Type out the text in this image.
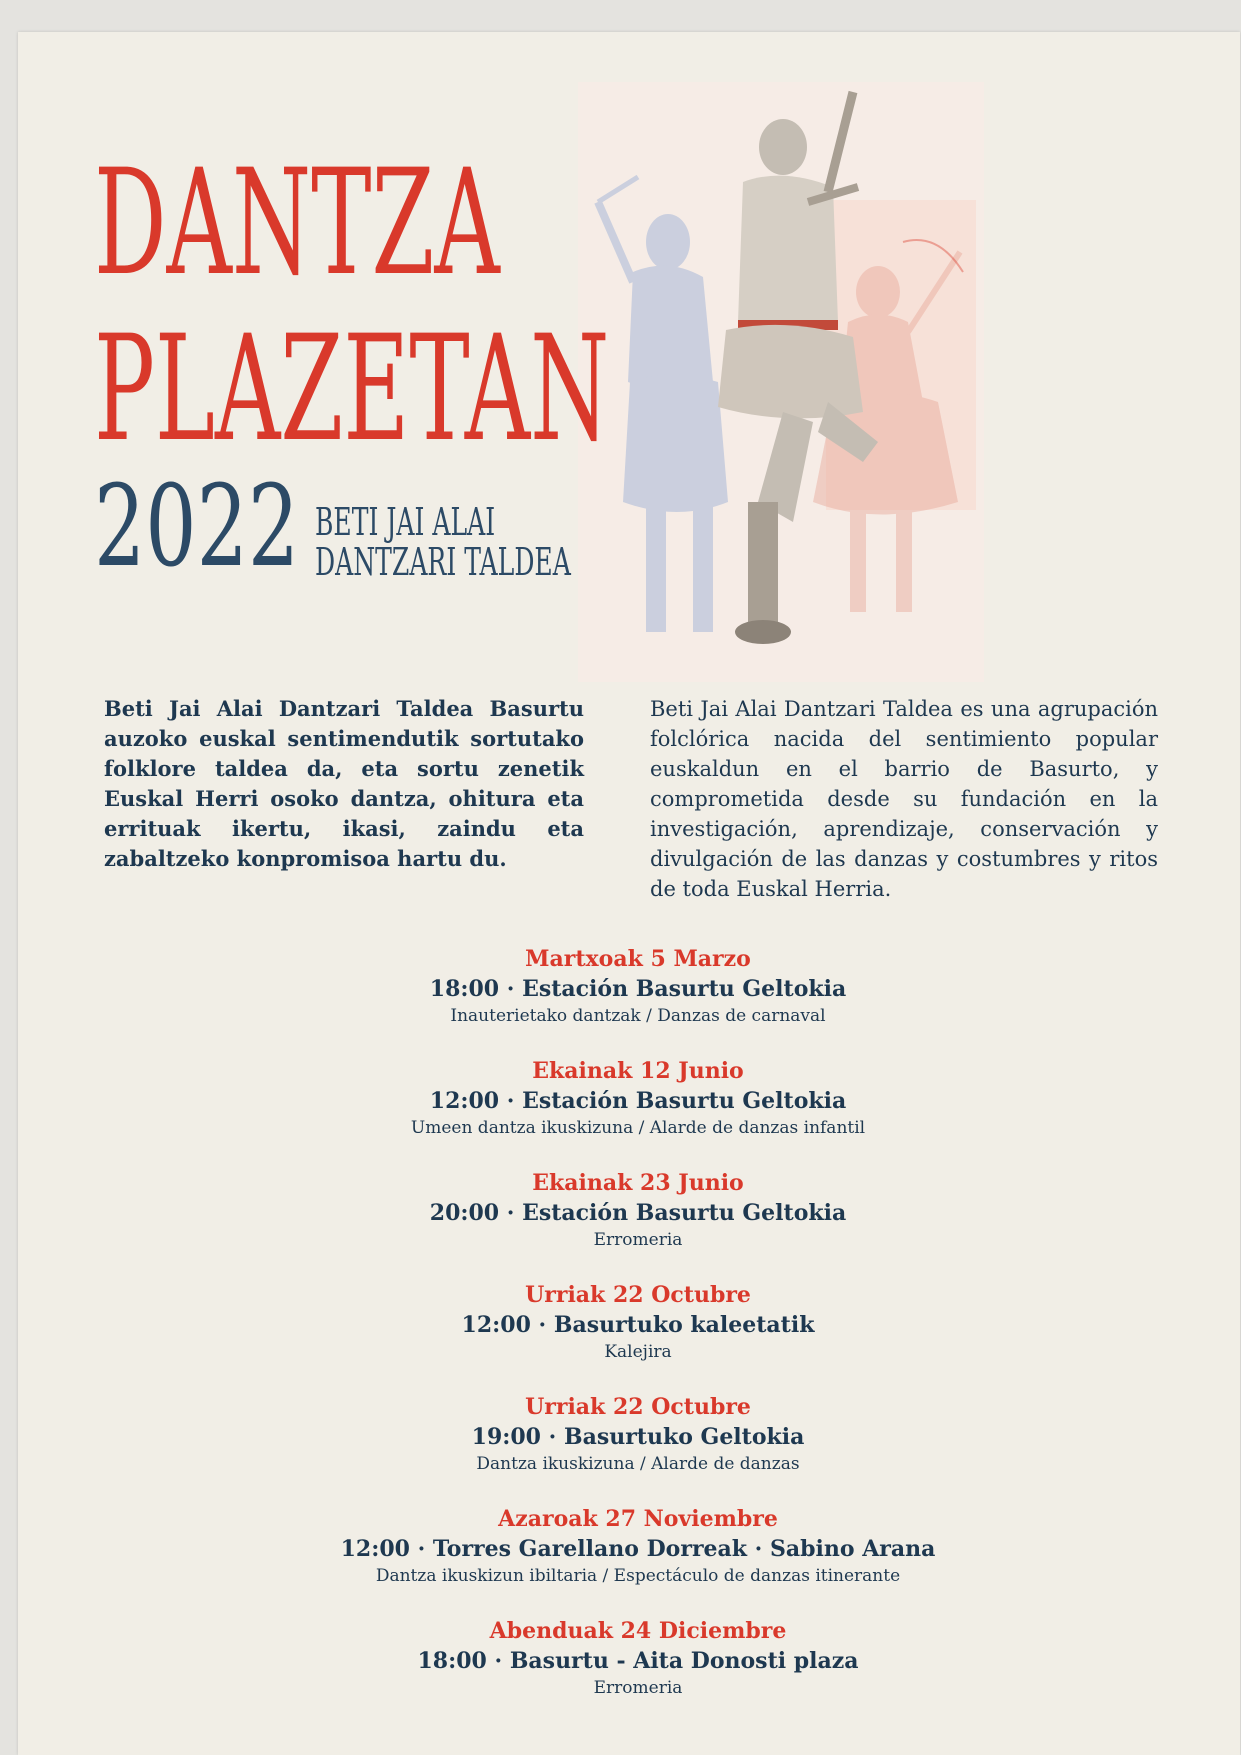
DANTZA
PLAZETAN
2022 BETI JAI ALAI
DANTZARI TALDEA

Beti Jai Alai Dantzari Taldea Basurtu auzoko euskal sentimendutik sortutako folklore taldea da, eta sortu zenetik Euskal Herri osoko dantza, ohitura eta errituak ikertu, ikasi, zaindu eta zabaltzeko konpromisoa hartu du.

Beti Jai Alai Dantzari Taldea es una agrupación folclórica nacida del sentimiento popular euskaldun en el barrio de Basurto, y comprometida desde su fundación en la investigación, aprendizaje, conservación y divulgación de las danzas y costumbres y ritos de toda Euskal Herria.

Martxoak 5 Marzo
18:00 · Estación Basurtu Geltokia
Inauterietako dantzak / Danzas de carnaval
Ekainak 12 Junio
12:00 · Estación Basurtu Geltokia
Umeen dantza ikuskizuna / Alarde de danzas infantil
Ekainak 23 Junio
20:00 · Estación Basurtu Geltokia
Erromeria
Urriak 22 Octubre
12:00 · Basurtuko kaleetatik
Kalejira
Urriak 22 Octubre
19:00 · Basurtuko Geltokia
Dantza ikuskizuna / Alarde de danzas
Azaroak 27 Noviembre
12:00 · Torres Garellano Dorreak · Sabino Arana
Dantza ikuskizun ibiltaria / Espectáculo de danzas itinerante
Abenduak 24 Diciembre
18:00 · Basurtu - Aita Donosti plaza
Erromeria
